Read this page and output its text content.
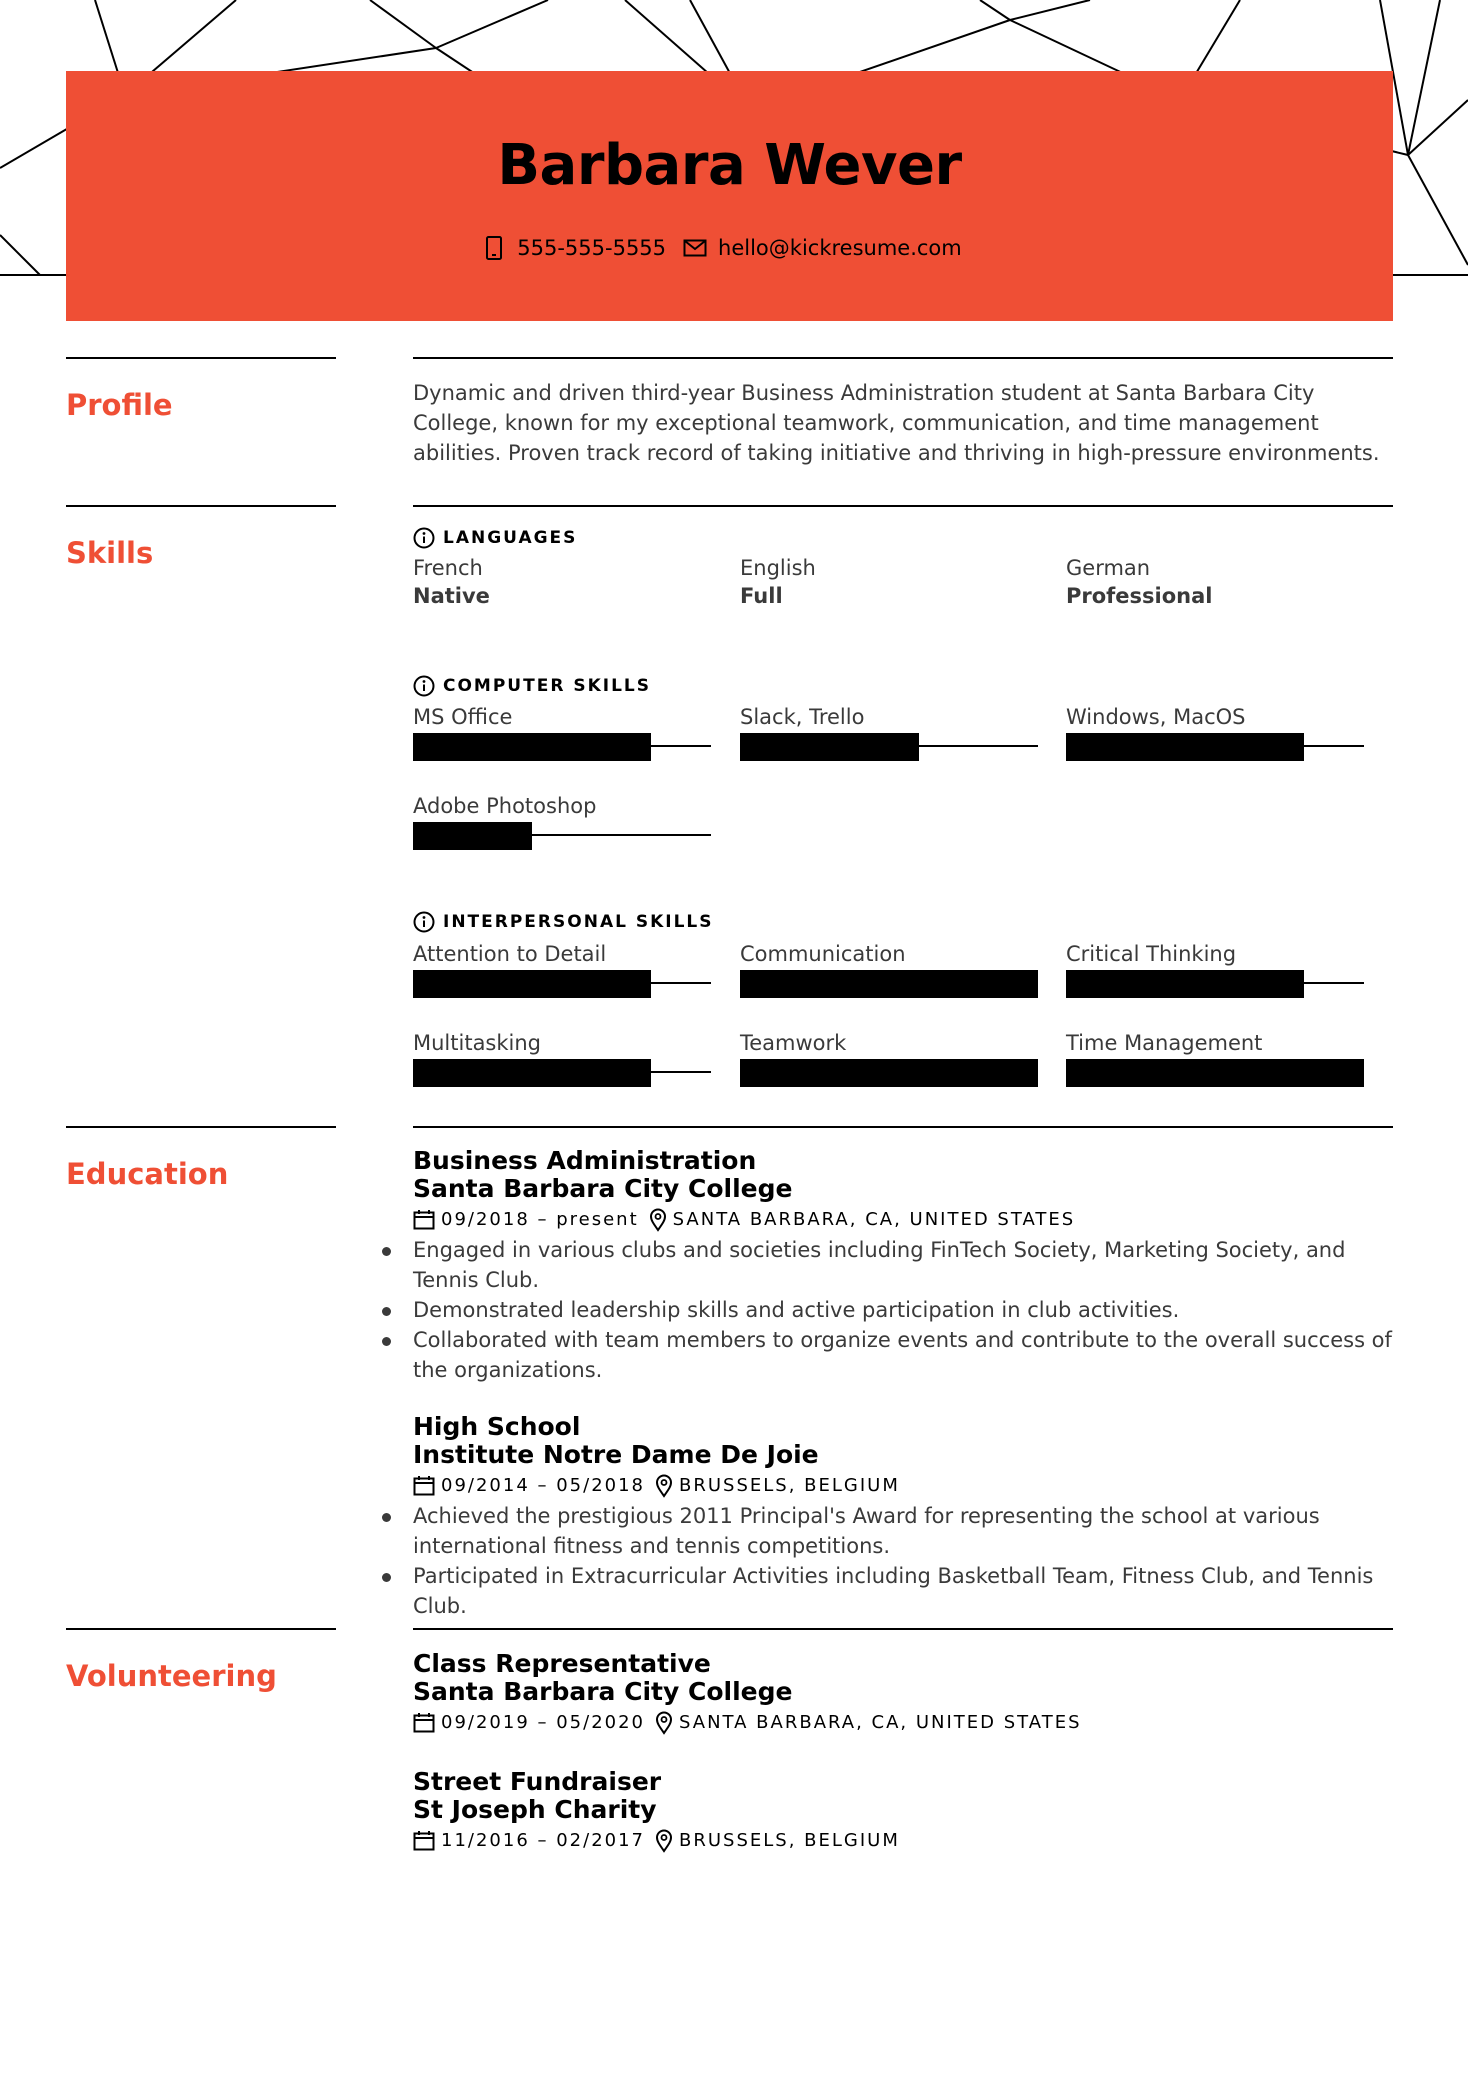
Barbara Wever
555-555-5555 hello@kickresume.com
Profile	Dynamic and driven third-year Business Administration student at Santa Barbara City College, known for my exceptional teamwork, communication, and time management abilities. Proven track record of taking initiative and thriving in high-pressure environments.
Skills	LANGUAGES
French
Native
English
Full
German
Professional
COMPUTER SKILLS
MS Office	Slack, Trello	Windows, MacOS
Adobe Photoshop
INTERPERSONAL SKILLS
Attention to Detail	Communication	Critical Thinking
Multitasking	Teamwork	Time Management
Education	Business Administration
Santa Barbara City College
09/2018 – present SANTA BARBARA, CA, UNITED STATES
Engaged in various clubs and societies including FinTech Society, Marketing Society, and Tennis Club.
Demonstrated leadership skills and active participation in club activities.
Collaborated with team members to organize events and contribute to the overall success of the organizations.
High School
Institute Notre Dame De Joie
09/2014 – 05/2018 BRUSSELS, BELGIUM
Achieved the prestigious 2011 Principal's Award for representing the school at various international fitness and tennis competitions.
Participated in Extracurricular Activities including Basketball Team, Fitness Club, and Tennis Club.
Volunteering	Class Representative
Santa Barbara City College
09/2019 – 05/2020 SANTA BARBARA, CA, UNITED STATES
Street Fundraiser
St Joseph Charity
11/2016 – 02/2017 BRUSSELS, BELGIUM
